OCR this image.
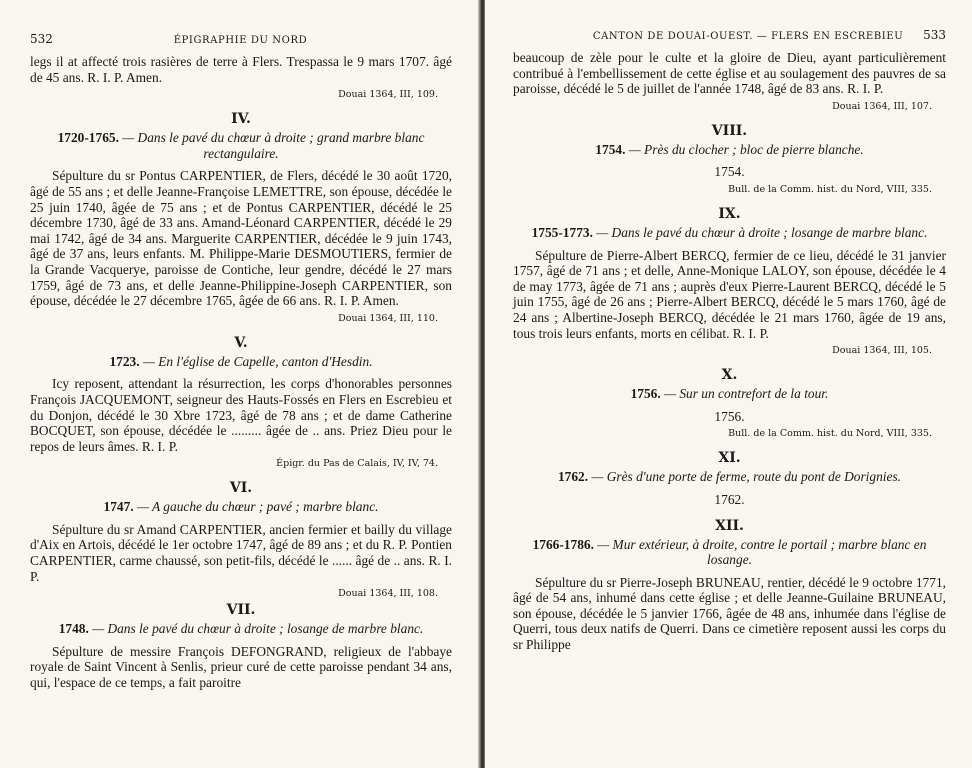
532	ÉPIGRAPHIE DU NORD

legs il at affecté trois rasières de terre à Flers. Trespassa le 9 mars 1707. âgé de 45 ans. R. I. P. Amen.

Douai 1364, III, 109.

IV.
1720-1765. — Dans le pavé du chœur à droite ; grand marbre blanc rectangulaire.

Sépulture du sr Pontus CARPENTIER, de Flers, décédé le 30 août 1720, âgé de 55 ans ; et delle Jeanne-Françoise LEMETTRE, son épouse, décédée le 25 juin 1740, âgée de 75 ans ; et de Pontus CARPENTIER, décédé le 25 décembre 1730, âgé de 33 ans. Amand-Léonard CARPENTIER, décédé le 29 mai 1742, âgé de 34 ans. Marguerite CARPENTIER, décédée le 9 juin 1743, âgé de 37 ans, leurs enfants. M. Philippe-Marie DESMOUTIERS, fermier de la Grande Vacquerye, paroisse de Contiche, leur gendre, décédé le 27 mars 1759, âgé de 73 ans, et delle Jeanne-Philippine-Joseph CARPENTIER, son épouse, décédée le 27 décembre 1765, âgée de 66 ans. R. I. P. Amen.

Douai 1364, III, 110.

V.
1723. — En l'église de Capelle, canton d'Hesdin.

Icy reposent, attendant la résurrection, les corps d'honorables personnes François JACQUEMONT, seigneur des Hauts-Fossés en Flers en Escrebieu et du Donjon, décédé le 30 Xbre 1723, âgé de 78 ans ; et de dame Catherine BOCQUET, son épouse, décédée le ......... âgée de .. ans. Priez Dieu pour le repos de leurs âmes. R. I. P.

Épigr. du Pas de Calais, IV, IV, 74.

VI.
1747. — A gauche du chœur ; pavé ; marbre blanc.

Sépulture du sr Amand CARPENTIER, ancien fermier et bailly du village d'Aix en Artois, décédé le 1er octobre 1747, âgé de 89 ans ; et du R. P. Pontien CARPENTIER, carme chaussé, son petit-fils, décédé le ...... âgé de .. ans. R. I. P.

Douai 1364, III, 108.

VII.
1748. — Dans le pavé du chœur à droite ; losange de marbre blanc.

Sépulture de messire François DEFONGRAND, religieux de l'abbaye royale de Saint Vincent à Senlis, prieur curé de cette paroisse pendant 34 ans, qui, l'espace de ce temps, a fait paroitre

CANTON DE DOUAI-OUEST. — FLERS EN ESCREBIEU 533

beaucoup de zèle pour le culte et la gloire de Dieu, ayant particulièrement contribué à l'embellissement de cette église et au soulagement des pauvres de sa paroisse, décédé le 5 de juillet de l'année 1748, âgé de 83 ans. R. I. P.

Douai 1364, III, 107.

VIII.
1754. — Près du clocher ; bloc de pierre blanche.

1754.

Bull. de la Comm. hist. du Nord, VIII, 335.

IX.
1755-1773. — Dans le pavé du chœur à droite ; losange de marbre blanc.

Sépulture de Pierre-Albert BERCQ, fermier de ce lieu, décédé le 31 janvier 1757, âgé de 71 ans ; et delle, Anne-Monique LALOY, son épouse, décédée le 4 de may 1773, âgée de 71 ans ; auprès d'eux Pierre-Laurent BERCQ, décédé le 5 juin 1755, âgé de 26 ans ; Pierre-Albert BERCQ, décédé le 5 mars 1760, âgé de 24 ans ; Albertine-Joseph BERCQ, décédée le 21 mars 1760, âgée de 19 ans, tous trois leurs enfants, morts en célibat. R. I. P.

Douai 1364, III, 105.

X.
1756. — Sur un contrefort de la tour.

1756.

Bull. de la Comm. hist. du Nord, VIII, 335.

XI.
1762. — Grès d'une porte de ferme, route du pont de Dorignies.

1762.

XII.
1766-1786. — Mur extérieur, à droite, contre le portail ; marbre blanc en losange.

Sépulture du sr Pierre-Joseph BRUNEAU, rentier, décédé le 9 octobre 1771, âgé de 54 ans, inhumé dans cette église ; et delle Jeanne-Guilaine BRUNEAU, son épouse, décédée le 5 janvier 1766, âgée de 48 ans, inhumée dans l'église de Querri, tous deux natifs de Querri. Dans ce cimetière reposent aussi les corps du sr Philippe
